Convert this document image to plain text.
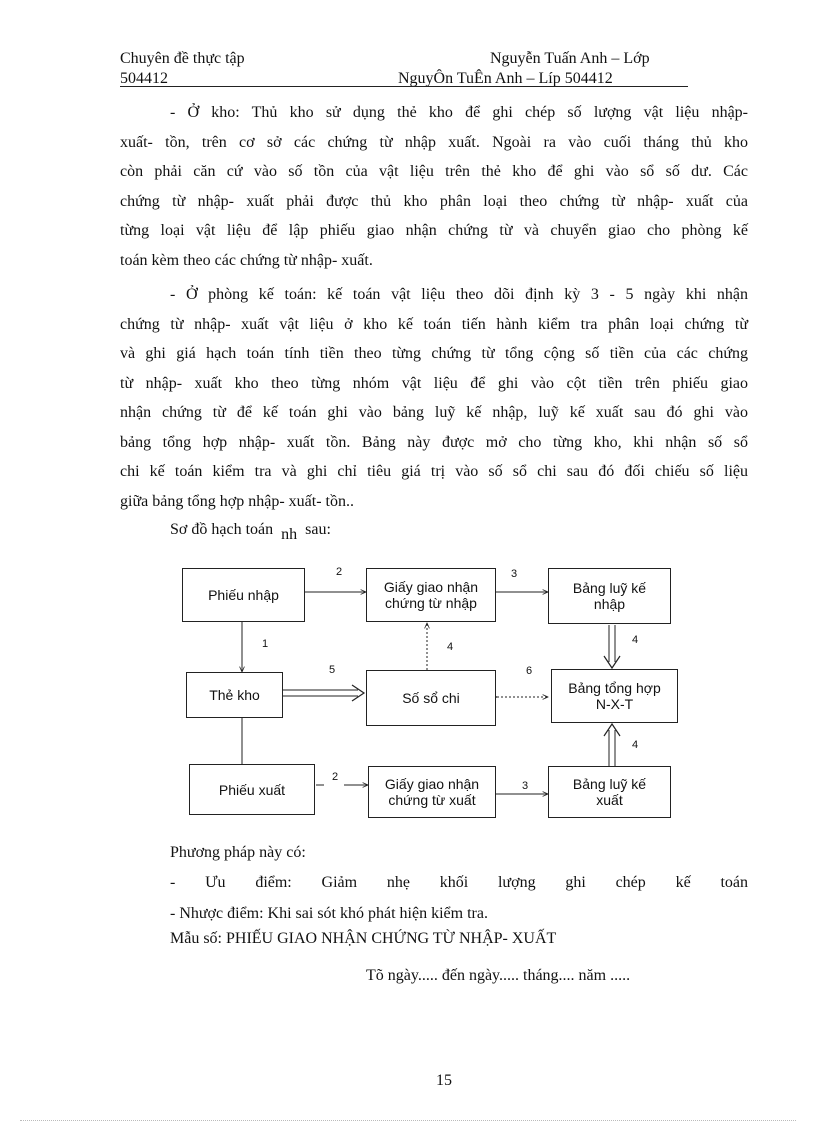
Chuyên đề thực tập
504412
Nguyễn Tuấn Anh – Lớp
NguyÔn TuÊn Anh – Líp 504412
- Ở kho: Thủ kho sử dụng thẻ kho để ghi chép số lượng vật liệu nhập-
xuất- tồn, trên cơ sở các chứng từ nhập xuất. Ngoài ra vào cuối tháng thủ kho
còn phải căn cứ vào số tồn của vật liệu trên thẻ kho để ghi vào sổ số dư. Các
chứng từ nhập- xuất phải được thủ kho phân loại theo chứng từ nhập- xuất của
từng loại vật liệu để lập phiếu giao nhận chứng từ và chuyển giao cho phòng kế
toán kèm theo các chứng từ nhập- xuất.
- Ở phòng kế toán: kế toán vật liệu theo dõi định kỳ 3 - 5 ngày khi nhận
chứng từ nhập- xuất vật liệu ở kho kế toán tiến hành kiểm tra phân loại chứng từ
và ghi giá hạch toán tính tiền theo từng chứng từ tổng cộng số tiền của các chứng
từ nhập- xuất kho theo từng nhóm vật liệu để ghi vào cột tiền trên phiếu giao
nhận chứng từ để kế toán ghi vào bảng luỹ kế nhập, luỹ kế xuất sau đó ghi vào
bảng tổng hợp nhập- xuất tồn. Bảng này được mở cho từng kho, khi nhận số sổ
chi kế toán kiểm tra và ghi chỉ tiêu giá trị vào số sổ chi sau đó đối chiếu số liệu
giữa bảng tổng hợp nhập- xuất- tồn..
Sơ đồ hạch toán nh sau:
Phiếu nhập	Giấy giao nhận
chứng từ nhập
Bảng luỹ kế
nhập
Thẻ kho	Số sổ chi
Bảng tổng hợp
N-X-T
Phiếu xuất	Giấy giao nhận
chứng từ xuất
Bảng luỹ kế
xuất
1
2	3
4
4
5	6
4
2
3
Phương pháp này có:
- Ưu điểm: Giảm nhẹ khối lượng ghi chép kế toán
- Nhược điểm: Khi sai sót khó phát hiện kiểm tra.
Mẫu số: PHIẾU GIAO NHẬN CHỨNG TỪ NHẬP- XUẤT
Tõ ngày..... đến ngày..... tháng.... năm .....
15
